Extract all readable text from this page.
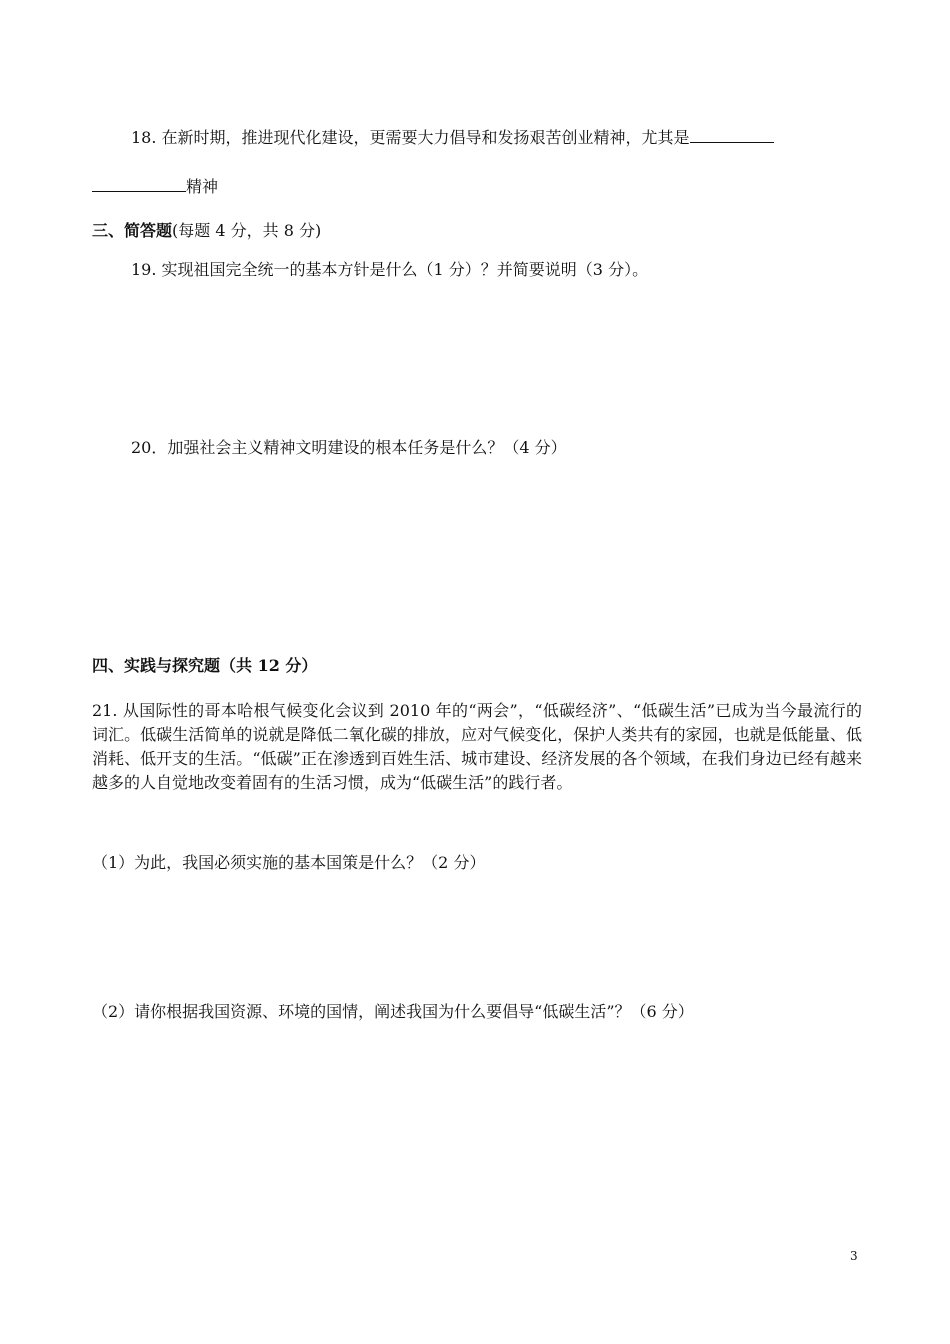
18. 在新时期，推进现代化建设，更需要大力倡导和发扬艰苦创业精神，尤其是
精神
三、简答题(每题 4 分，共 8 分)
19. 实现祖国完全统一的基本方针是什么（1 分）？并简要说明（3 分）。
20．加强社会主义精神文明建设的根本任务是什么？（4 分）
四、实践与探究题（共 12 分）
21. 从国际性的哥本哈根气候变化会议到 2010 年的“两会”，“低碳经济”、“低碳生活”已成为当今最流行的词汇。低碳生活简单的说就是降低二氧化碳的排放，应对气候变化，保护人类共有的家园，也就是低能量、低消耗、低开支的生活。“低碳”正在渗透到百姓生活、城市建设、经济发展的各个领域，在我们身边已经有越来越多的人自觉地改变着固有的生活习惯，成为“低碳生活”的践行者。
（1）为此，我国必须实施的基本国策是什么？（2 分）
（2）请你根据我国资源、环境的国情，阐述我国为什么要倡导“低碳生活”？（6 分）
3
